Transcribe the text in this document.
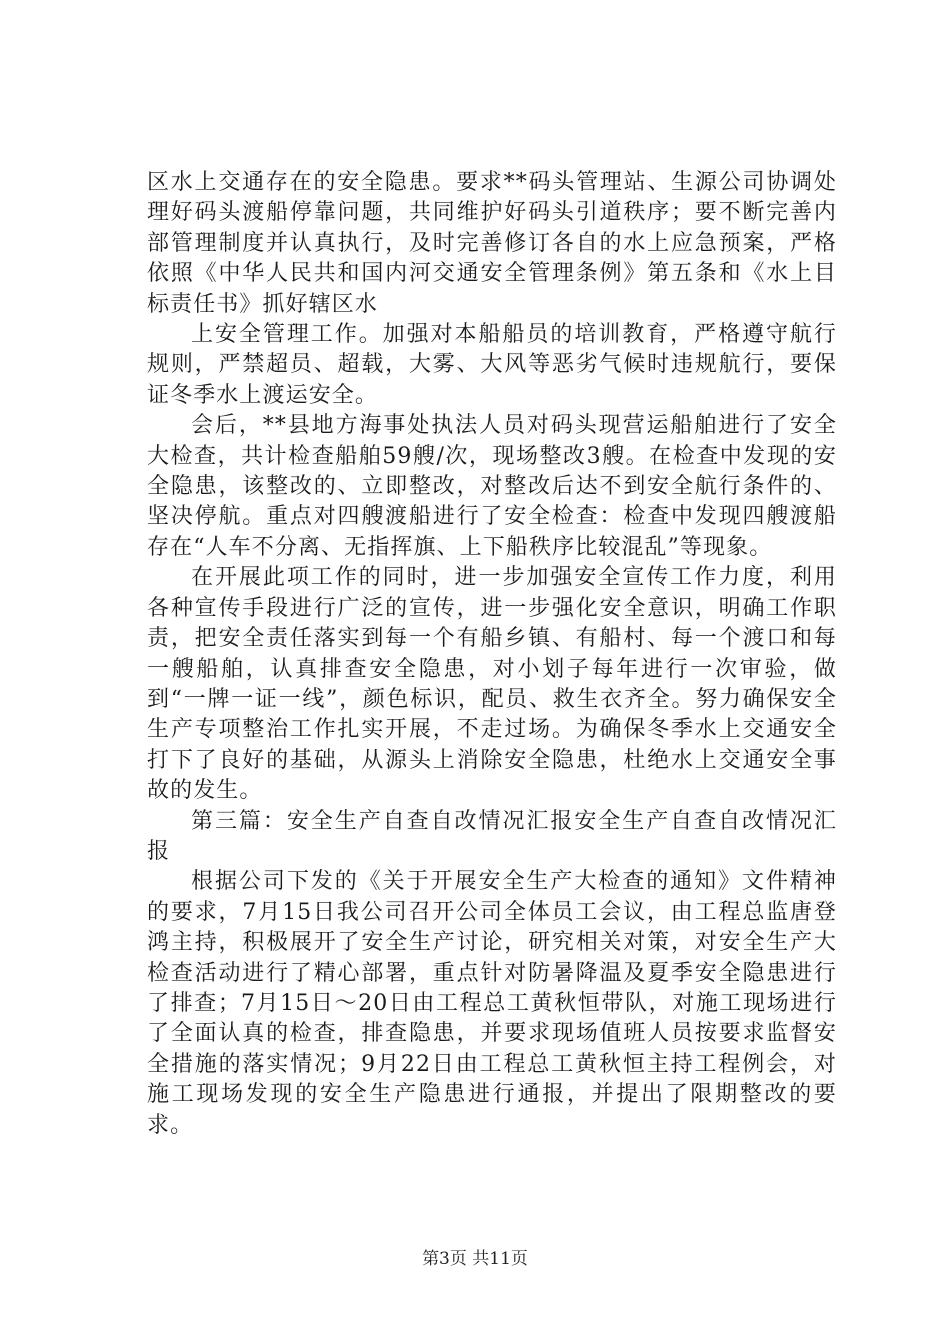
区水上交通存在的安全隐患。要求**码头管理站、生源公司协调处理好码头渡船停靠问题，共同维护好码头引道秩序；要不断完善内部管理制度并认真执行，及时完善修订各自的水上应急预案，严格依照《中华人民共和国内河交通安全管理条例》第五条和《水上目标责任书》抓好辖区水

上安全管理工作。加强对本船船员的培训教育，严格遵守航行规则，严禁超员、超载，大雾、大风等恶劣气候时违规航行，要保证冬季水上渡运安全。

会后，**县地方海事处执法人员对码头现营运船舶进行了安全大检查，共计检查船舶59艘/次，现场整改3艘。在检查中发现的安全隐患，该整改的、立即整改，对整改后达不到安全航行条件的、坚决停航。重点对四艘渡船进行了安全检查：检查中发现四艘渡船存在“人车不分离、无指挥旗、上下船秩序比较混乱”等现象。

在开展此项工作的同时，进一步加强安全宣传工作力度，利用各种宣传手段进行广泛的宣传，进一步强化安全意识，明确工作职责，把安全责任落实到每一个有船乡镇、有船村、每一个渡口和每一艘船舶，认真排查安全隐患，对小划子每年进行一次审验，做到“一牌一证一线”，颜色标识，配员、救生衣齐全。努力确保安全生产专项整治工作扎实开展，不走过场。为确保冬季水上交通安全打下了良好的基础，从源头上消除安全隐患，杜绝水上交通安全事故的发生。

第三篇：安全生产自查自改情况汇报安全生产自查自改情况汇报

根据公司下发的《关于开展安全生产大检查的通知》文件精神的要求，7月15日我公司召开公司全体员工会议，由工程总监唐登鸿主持，积极展开了安全生产讨论，研究相关对策，对安全生产大检查活动进行了精心部署，重点针对防暑降温及夏季安全隐患进行了排查；7月15日～20日由工程总工黄秋恒带队，对施工现场进行了全面认真的检查，排查隐患，并要求现场值班人员按要求监督安全措施的落实情况；9月22日由工程总工黄秋恒主持工程例会，对施工现场发现的安全生产隐患进行通报，并提出了限期整改的要求。

第3页 共11页
